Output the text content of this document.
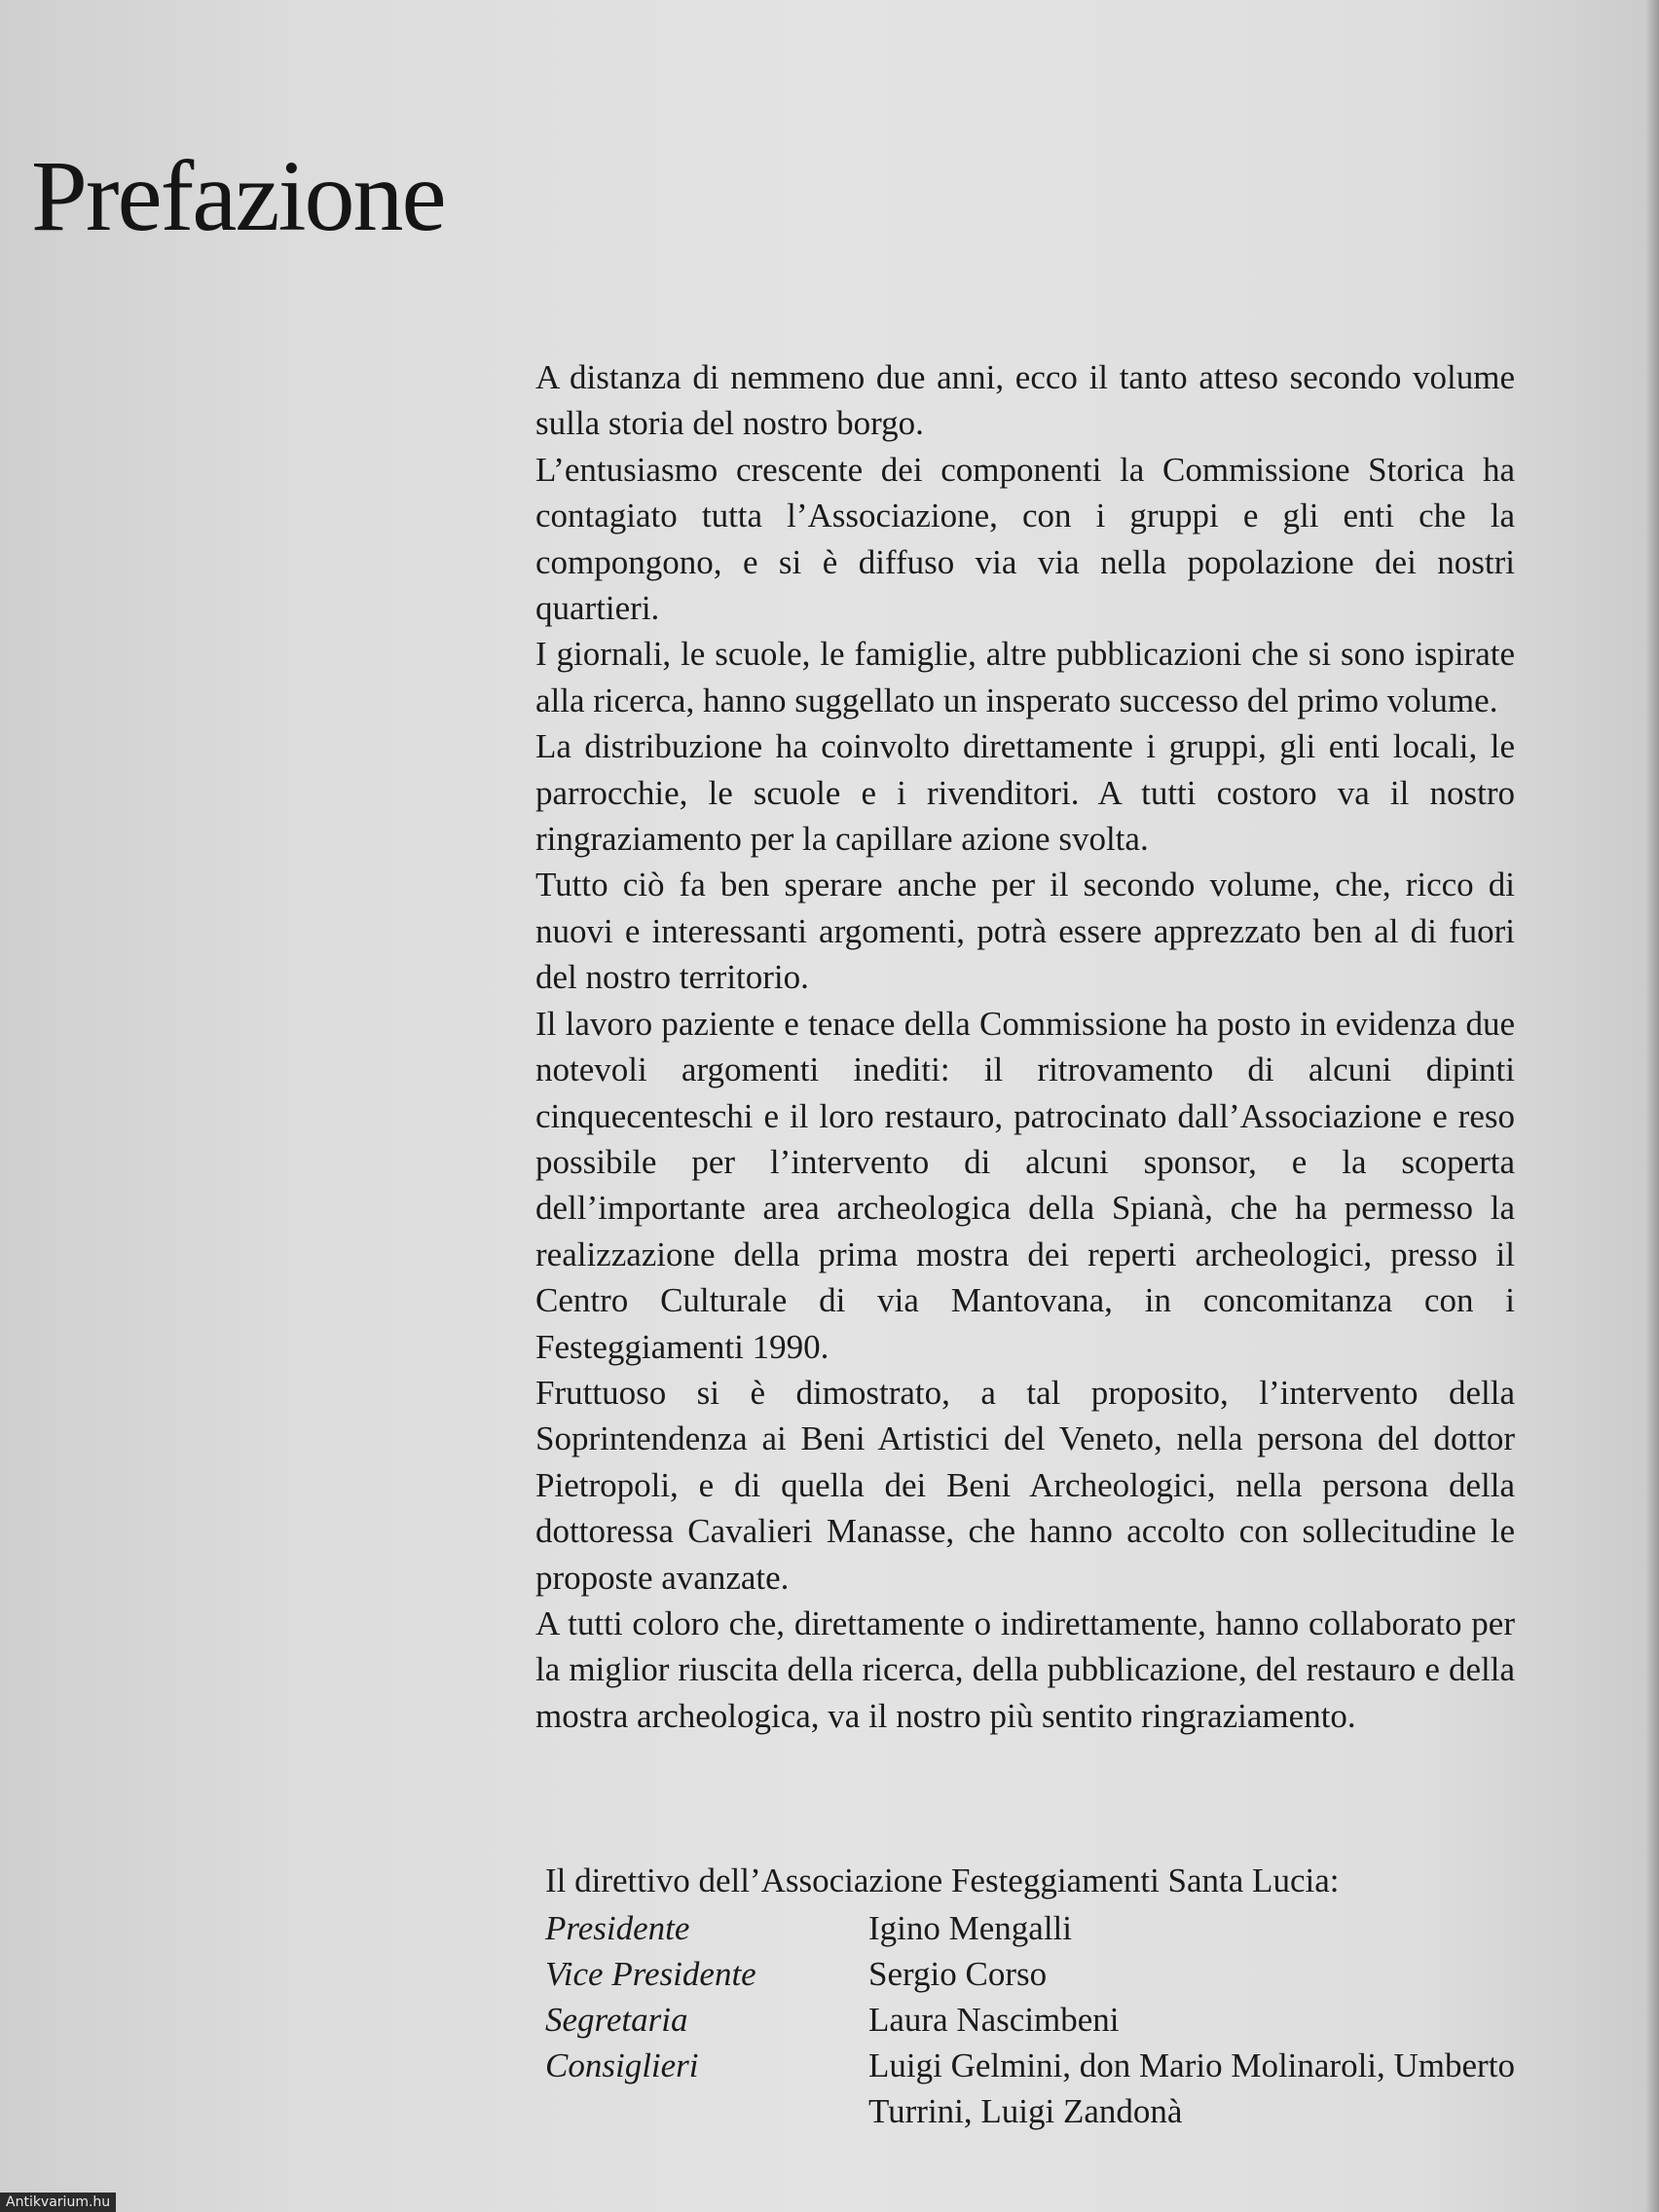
Prefazione

A distanza di nemmeno due anni, ecco il tanto atteso secondo volume sulla storia del nostro borgo.

L’entusiasmo crescente dei componenti la Commissione Storica ha contagiato tutta l’Associazione, con i gruppi e gli enti che la compongono, e si è diffuso via via nella popolazione dei nostri quartieri.

I giornali, le scuole, le famiglie, altre pubblicazioni che si sono ispirate alla ricerca, hanno suggellato un insperato successo del primo volume.

La distribuzione ha coinvolto direttamente i gruppi, gli enti locali, le parrocchie, le scuole e i rivenditori. A tutti costoro va il nostro ringraziamento per la capillare azione svolta.

Tutto ciò fa ben sperare anche per il secondo volume, che, ricco di nuovi e interessanti argomenti, potrà essere apprezzato ben al di fuori del nostro territorio.

Il lavoro paziente e tenace della Commissione ha posto in evidenza due notevoli argomenti inediti: il ritrovamento di alcuni dipinti cinquecenteschi e il loro restauro, patrocinato dall’Associazione e reso possibile per l’intervento di alcuni sponsor, e la scoperta dell’importante area archeologica della Spianà, che ha permesso la realizzazione della prima mostra dei reperti archeologici, presso il Centro Culturale di via Mantovana, in concomitanza con i Festeggiamenti 1990.

Fruttuoso si è dimostrato, a tal proposito, l’intervento della Soprintendenza ai Beni Artistici del Veneto, nella persona del dottor Pietropoli, e di quella dei Beni Archeologici, nella persona della dottoressa Cavalieri Manasse, che hanno accolto con sollecitudine le proposte avanzate.

A tutti coloro che, direttamente o indirettamente, hanno collaborato per la miglior riuscita della ricerca, della pubblicazione, del restauro e della mostra archeologica, va il nostro più sentito ringraziamento.

Il direttivo dell’Associazione Festeggiamenti Santa Lucia:

Presidente	Igino Mengalli
Vice Presidente	Sergio Corso
Segretaria	Laura Nascimbeni
Consiglieri	Luigi Gelmini, don Mario Molinaroli, Umberto Turrini, Luigi Zandonà
Antikvarium.hu
